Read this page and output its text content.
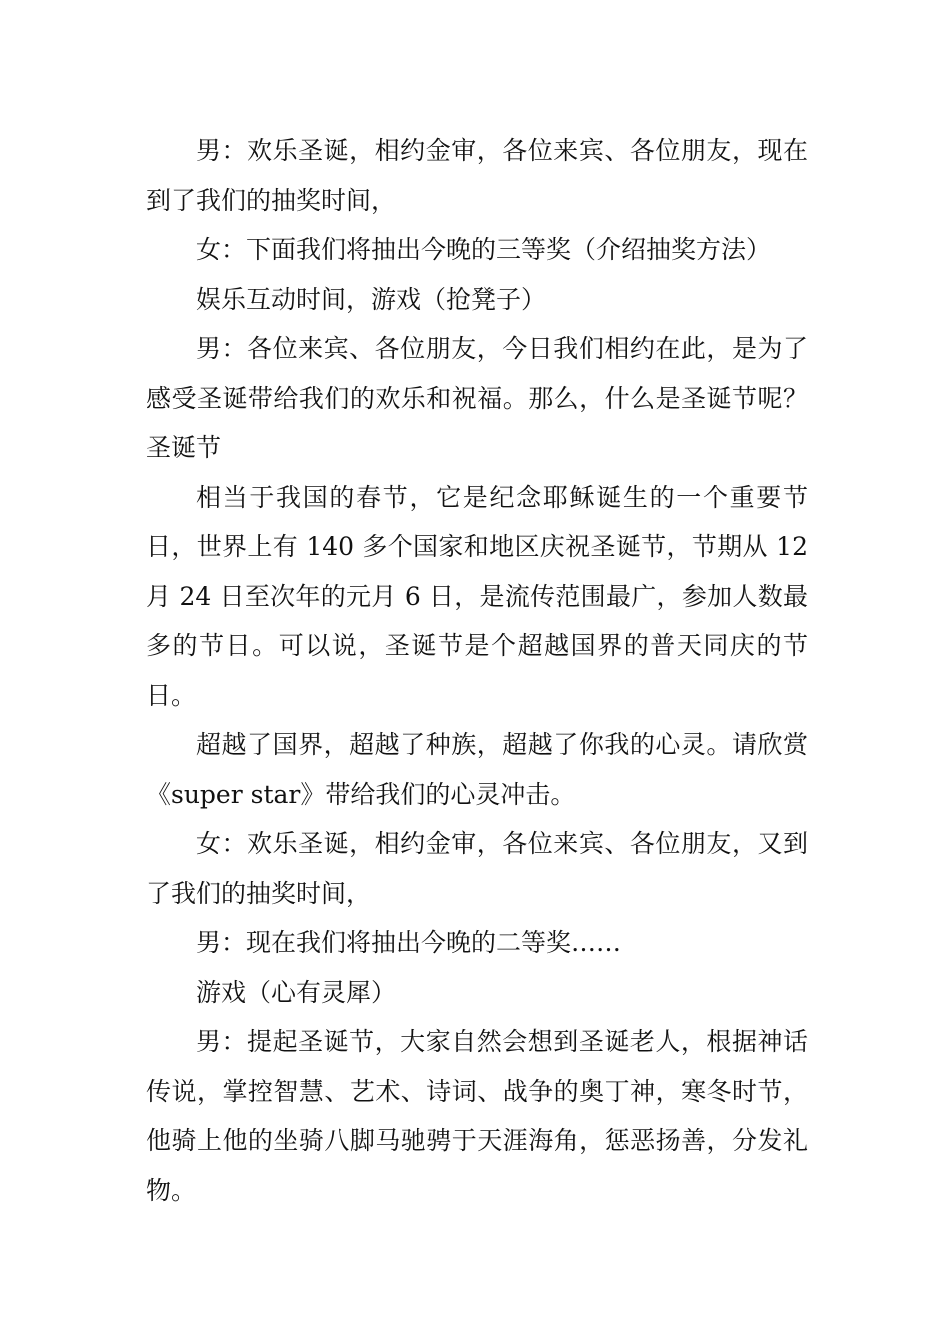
男：欢乐圣诞，相约金审，各位来宾、各位朋友，现在到了我们的抽奖时间，

女：下面我们将抽出今晚的三等奖（介绍抽奖方法）

娱乐互动时间，游戏（抢凳子）

男：各位来宾、各位朋友，今日我们相约在此，是为了感受圣诞带给我们的欢乐和祝福。那么，什么是圣诞节呢？圣诞节

相当于我国的春节，它是纪念耶稣诞生的一个重要节日，世界上有 140 多个国家和地区庆祝圣诞节，节期从 12 月 24 日至次年的元月 6 日，是流传范围最广，参加人数最多的节日。可以说，圣诞节是个超越国界的普天同庆的节日。

超越了国界，超越了种族，超越了你我的心灵。请欣赏《super star》带给我们的心灵冲击。

女：欢乐圣诞，相约金审，各位来宾、各位朋友，又到了我们的抽奖时间，

男：现在我们将抽出今晚的二等奖……

游戏（心有灵犀）

男：提起圣诞节，大家自然会想到圣诞老人，根据神话传说，掌控智慧、艺术、诗词、战争的奥丁神，寒冬时节，他骑上他的坐骑八脚马驰骋于天涯海角，惩恶扬善，分发礼物。
